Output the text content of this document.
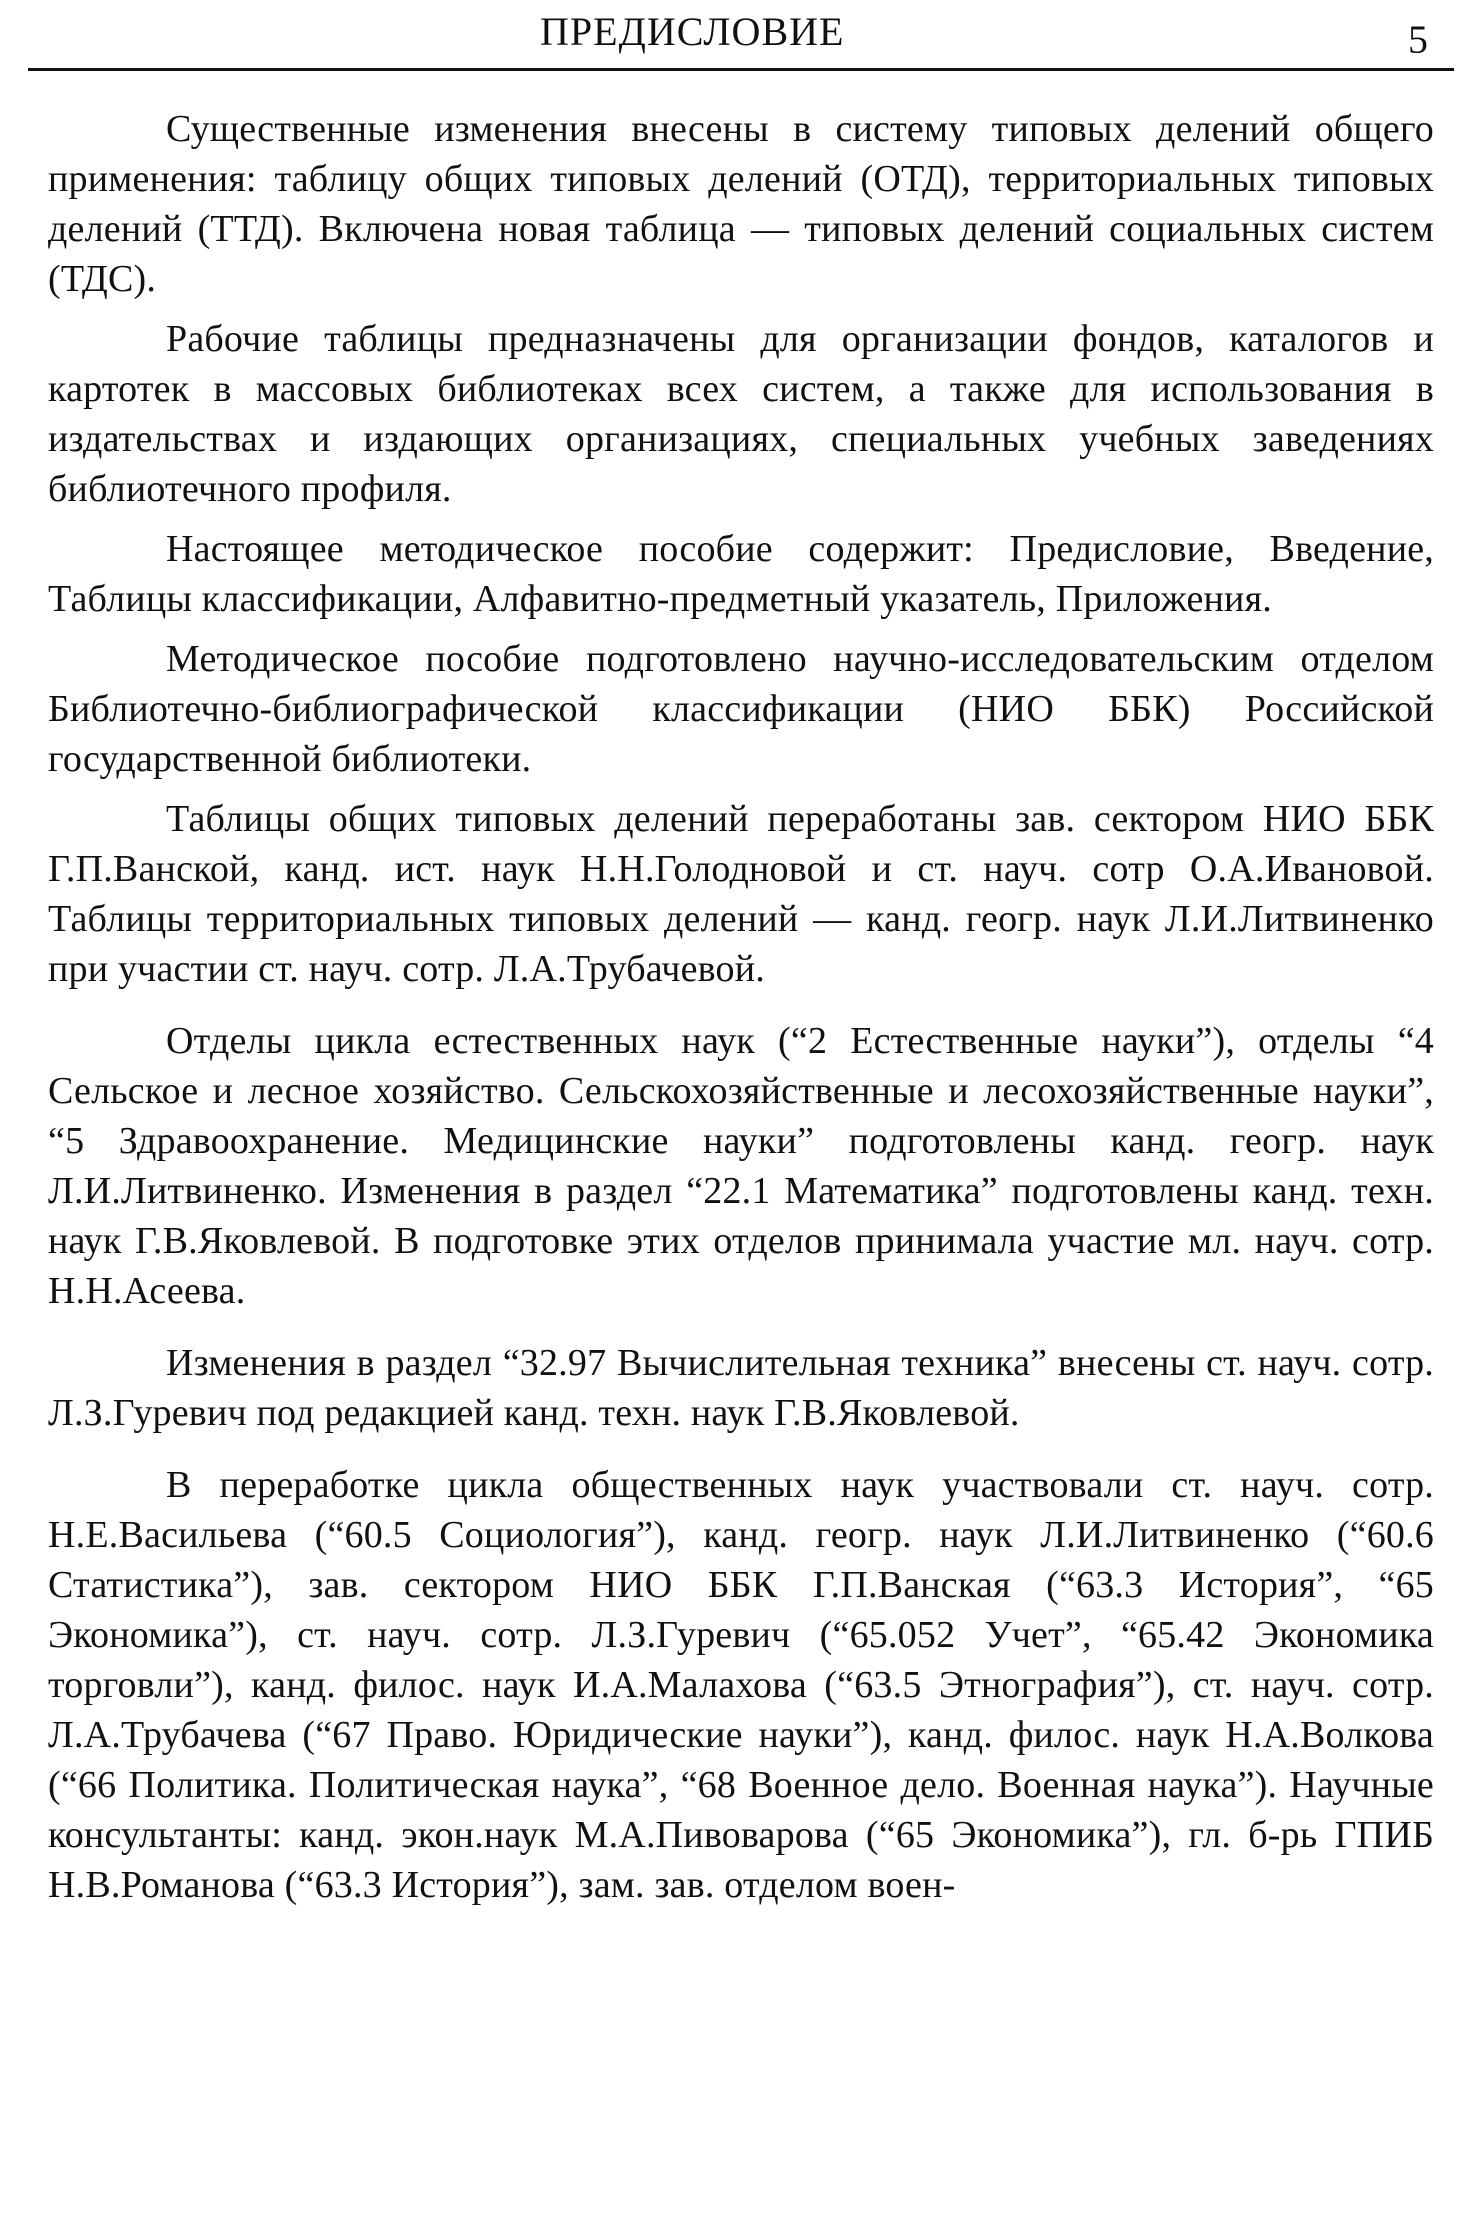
ПРЕДИСЛОВИЕ	5

Существенные изменения внесены в систему типовых делений общего применения: таблицу общих типовых делений (ОТД), территориальных типовых делений (ТТД). Включена новая таблица — типовых делений социальных систем (ТДС).

Рабочие таблицы предназначены для организации фондов, каталогов и картотек в массовых библиотеках всех систем, а также для использования в издательствах и издающих организациях, специальных учебных заведениях библиотечного профиля.

Настоящее методическое пособие содержит: Предисловие, Введение, Таблицы классификации, Алфавитно-предметный указатель, Приложения.

Методическое пособие подготовлено научно-исследовательским отделом Библиотечно-библиографической классификации (НИО ББК) Российской государственной библиотеки.

Таблицы общих типовых делений переработаны зав. сектором НИО ББК Г.П.Ванской, канд. ист. наук Н.Н.Голодновой и ст. науч. сотр О.А.Ивановой. Таблицы территориальных типовых делений — канд. геогр. наук Л.И.Литвиненко при участии ст. науч. сотр. Л.А.Трубачевой.

Отделы цикла естественных наук (“2 Естественные науки”), отделы “4 Сельское и лесное хозяйство. Сельскохозяйственные и лесохозяйственные науки”, “5 Здравоохранение. Медицинские науки” подготовлены канд. геогр. наук Л.И.Литвиненко. Изменения в раздел “22.1 Математика” подготовлены канд. техн. наук Г.В.Яковлевой. В подготовке этих отделов принимала участие мл. науч. сотр. Н.Н.Асеева.

Изменения в раздел “32.97 Вычислительная техника” внесены ст. науч. сотр. Л.З.Гуревич под редакцией канд. техн. наук Г.В.Яковлевой.

В переработке цикла общественных наук участвовали ст. науч. сотр. Н.Е.Васильева (“60.5 Социология”), канд. геогр. наук Л.И.Литвиненко (“60.6 Статистика”), зав. сектором НИО ББК Г.П.Ванская (“63.3 История”, “65 Экономика”), ст. науч. сотр. Л.З.Гуревич (“65.052 Учет”, “65.42 Экономика торговли”), канд. филос. наук И.А.Малахова (“63.5 Этнография”), ст. науч. сотр. Л.А.Трубачева (“67 Право. Юридические науки”), канд. филос. наук Н.А.Волкова (“66 Политика. Политическая наука”, “68 Военное дело. Военная наука”). Научные консультанты: канд. экон.наук М.А.Пивоварова (“65 Экономика”), гл. б-рь ГПИБ Н.В.Романова (“63.3 История”), зам. зав. отделом воен-
